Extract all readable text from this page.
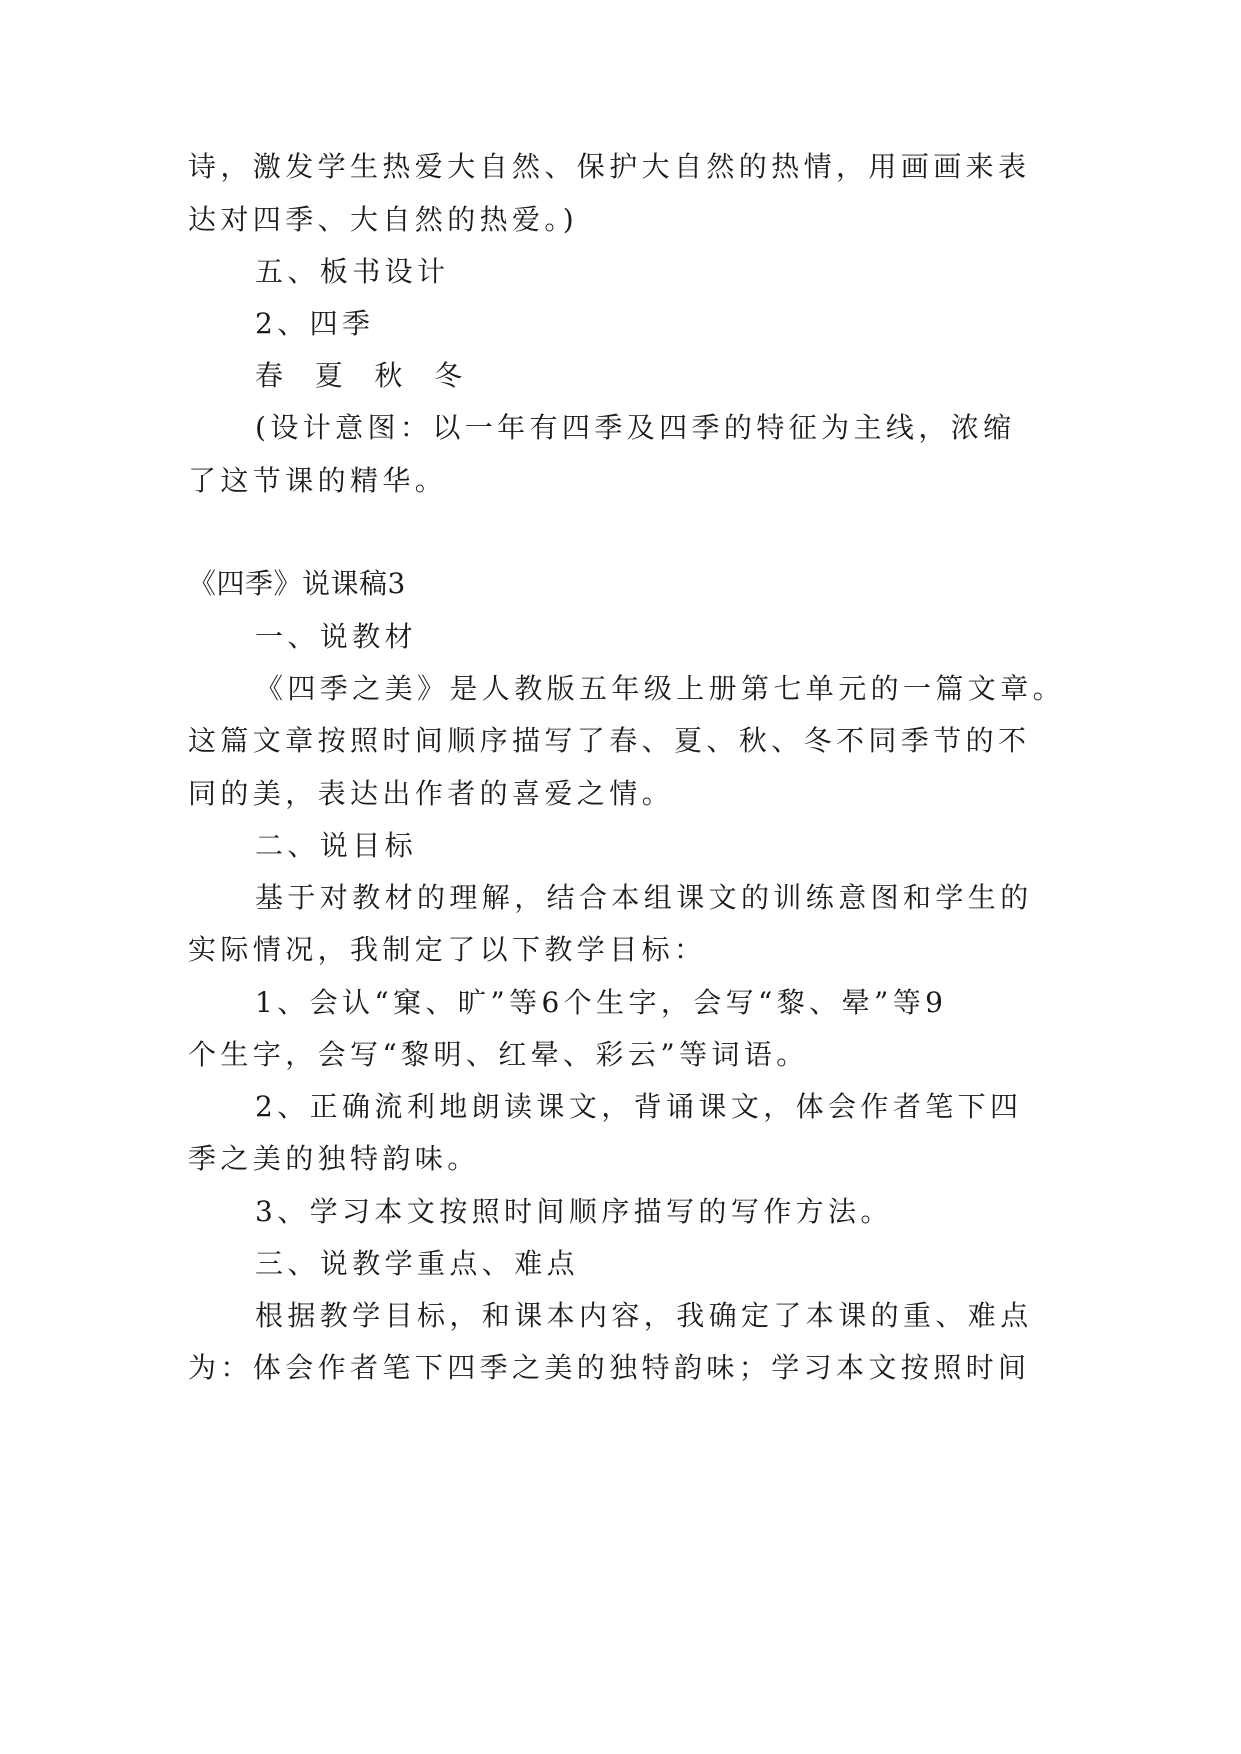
诗，激发学生热爱大自然、保护大自然的热情，用画画来表

达对四季、大自然的热爱。)

五、板书设计

2、四季

春 夏 秋 冬

(设计意图：以一年有四季及四季的特征为主线，浓缩

了这节课的精华。

《四季》说课稿3

一、说教材

《四季之美》是人教版五年级上册第七单元的一篇文章。

这篇文章按照时间顺序描写了春、夏、秋、冬不同季节的不

同的美，表达出作者的喜爱之情。

二、说目标

基于对教材的理解，结合本组课文的训练意图和学生的

实际情况，我制定了以下教学目标：

1、会认“窠、旷”等6个生字，会写“黎、晕”等9

个生字，会写“黎明、红晕、彩云”等词语。

2、正确流利地朗读课文，背诵课文，体会作者笔下四

季之美的独特韵味。

3、学习本文按照时间顺序描写的写作方法。

三、说教学重点、难点

根据教学目标，和课本内容，我确定了本课的重、难点

为：体会作者笔下四季之美的独特韵味；学习本文按照时间
